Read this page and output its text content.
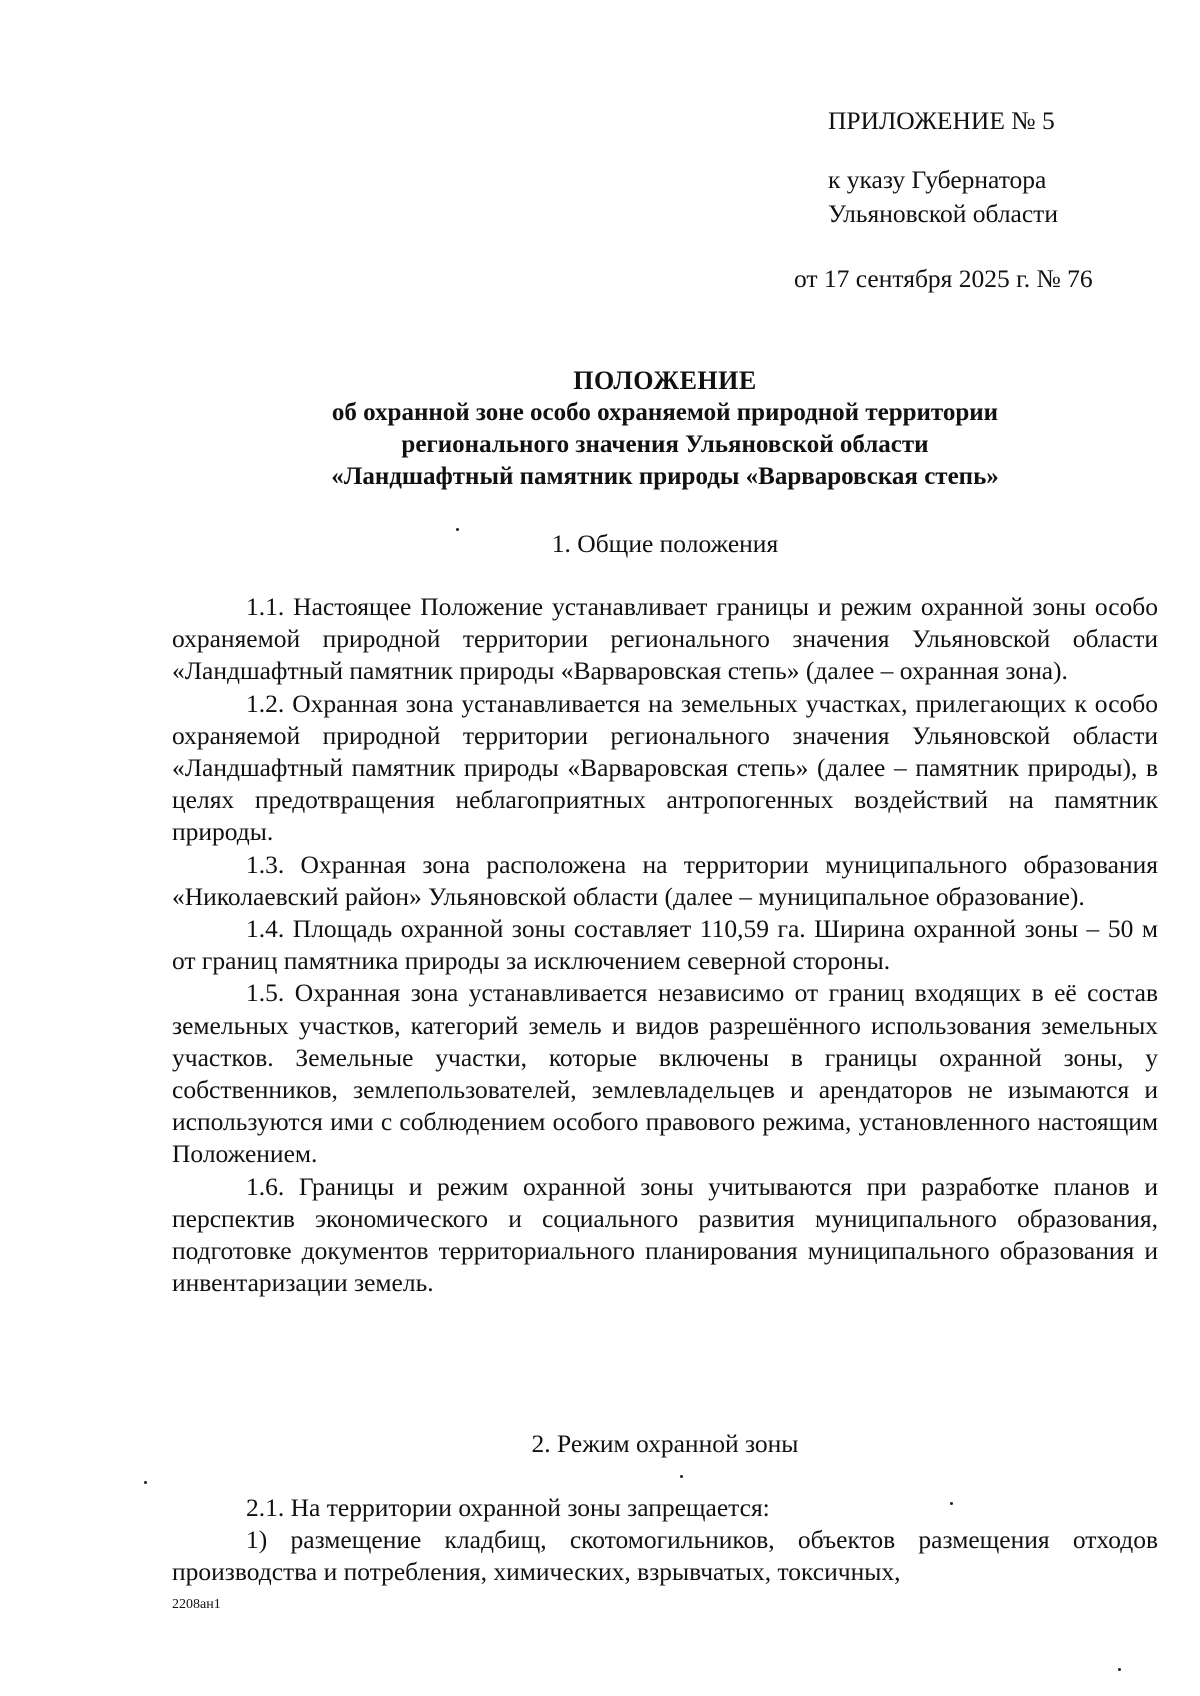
ПРИЛОЖЕНИЕ № 5
к указу Губернатора
Ульяновской области
от 17 сентября 2025 г. № 76
ПОЛОЖЕНИЕ
об охранной зоне особо охраняемой природной территории
регионального значения Ульяновской области
«Ландшафтный памятник природы «Варваровская степь»
1. Общие положения

1.1. Настоящее Положение устанавливает границы и режим охранной зоны особо охраняемой природной территории регионального значения Ульяновской области «Ландшафтный памятник природы «Варваровская степь» (далее – охранная зона).

1.2. Охранная зона устанавливается на земельных участках, прилегающих к особо охраняемой природной территории регионального значения Ульяновской области «Ландшафтный памятник природы «Варваровская степь» (далее – памятник природы), в целях предотвращения неблагоприятных антропогенных воздействий на памятник природы.

1.3. Охранная зона расположена на территории муниципального образования «Николаевский район» Ульяновской области (далее – муниципальное образование).

1.4. Площадь охранной зоны составляет 110,59 га. Ширина охранной зоны – 50 м от границ памятника природы за исключением северной стороны.

1.5. Охранная зона устанавливается независимо от границ входящих в её состав земельных участков, категорий земель и видов разрешённого использования земельных участков. Земельные участки, которые включены в границы охранной зоны, у собственников, землепользователей, землевладельцев и арендаторов не изымаются и используются ими с соблюдением особого правового режима, установленного настоящим Положением.

1.6. Границы и режим охранной зоны учитываются при разработке планов и перспектив экономического и социального развития муниципального образования, подготовке документов территориального планирования муниципального образования и инвентаризации земель.

2. Режим охранной зоны

2.1. На территории охранной зоны запрещается:

1) размещение кладбищ, скотомогильников, объектов размещения отходов производства и потребления, химических, взрывчатых, токсичных,

2208ан1
